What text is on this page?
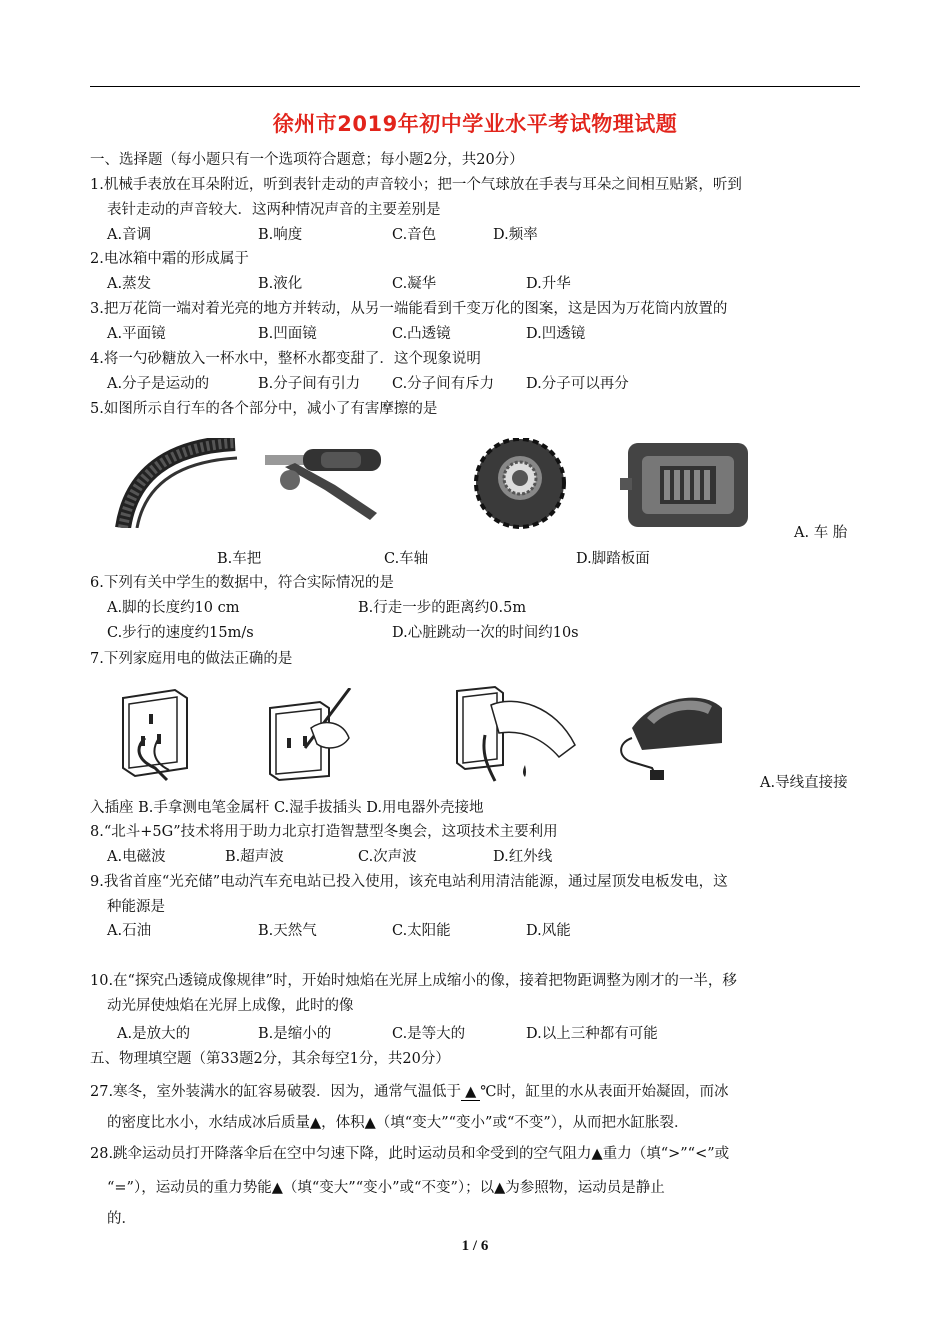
徐州市2019年初中学业水平考试物理试题
一、选择题（每小题只有一个选项符合题意；每小题2分，共20分）
1.机械手表放在耳朵附近，听到表针走动的声音较小；把一个气球放在手表与耳朵之间相互贴紧，听到
表针走动的声音较大．这两种情况声音的主要差别是
A.音调	B.响度	C.音色	D.频率
2.电冰箱中霜的形成属于
A.蒸发	B.液化	C.凝华	D.升华
3.把万花筒一端对着光亮的地方并转动，从另一端能看到千变万化的图案，这是因为万花筒内放置的
A.平面镜	B.凹面镜	C.凸透镜	D.凹透镜
4.将一勺砂糖放入一杯水中，整杯水都变甜了．这个现象说明
A.分子是运动的	B.分子间有引力 C.分子间有斥力 D.分子可以再分
5.如图所示自行车的各个部分中，减小了有害摩擦的是
A. 车 胎
B.车把	C.车轴	D.脚踏板面
6.下列有关中学生的数据中，符合实际情况的是
A.脚的长度约10 cm	B.行走一步的距离约0.5m
C.步行的速度约15m/s	D.心脏跳动一次的时间约10s
7.下列家庭用电的做法正确的是
A.导线直接接
入插座 B.手拿测电笔金属杆 C.湿手拔插头 D.用电器外壳接地
8.“北斗+5G”技术将用于助力北京打造智慧型冬奥会，这项技术主要利用
A.电磁波	B.超声波	C.次声波	D.红外线
9.我省首座“光充储”电动汽车充电站已投入使用，该充电站利用清洁能源，通过屋顶发电板发电，这
种能源是
A.石油	B.天然气	C.太阳能	D.风能
10.在“探究凸透镜成像规律”时，开始时烛焰在光屏上成缩小的像，接着把物距调整为刚才的一半，移
动光屏使烛焰在光屏上成像，此时的像
A.是放大的	B.是缩小的	C.是等大的	D.以上三种都有可能
五、物理填空题（第33题2分，其余每空1分，共20分）
27.寒冬，室外装满水的缸容易破裂．因为，通常气温低于 ▲ ℃时，缸里的水从表面开始凝固，而冰
的密度比水小，水结成冰后质量▲，体积▲（填“变大”“变小”或“不变”），从而把水缸胀裂．
28.跳伞运动员打开降落伞后在空中匀速下降，此时运动员和伞受到的空气阻力▲重力（填“>”“<”或
“=”），运动员的重力势能▲（填“变大”“变小”或“不变”）；以▲为参照物，运动员是静止
的．
1 / 6
